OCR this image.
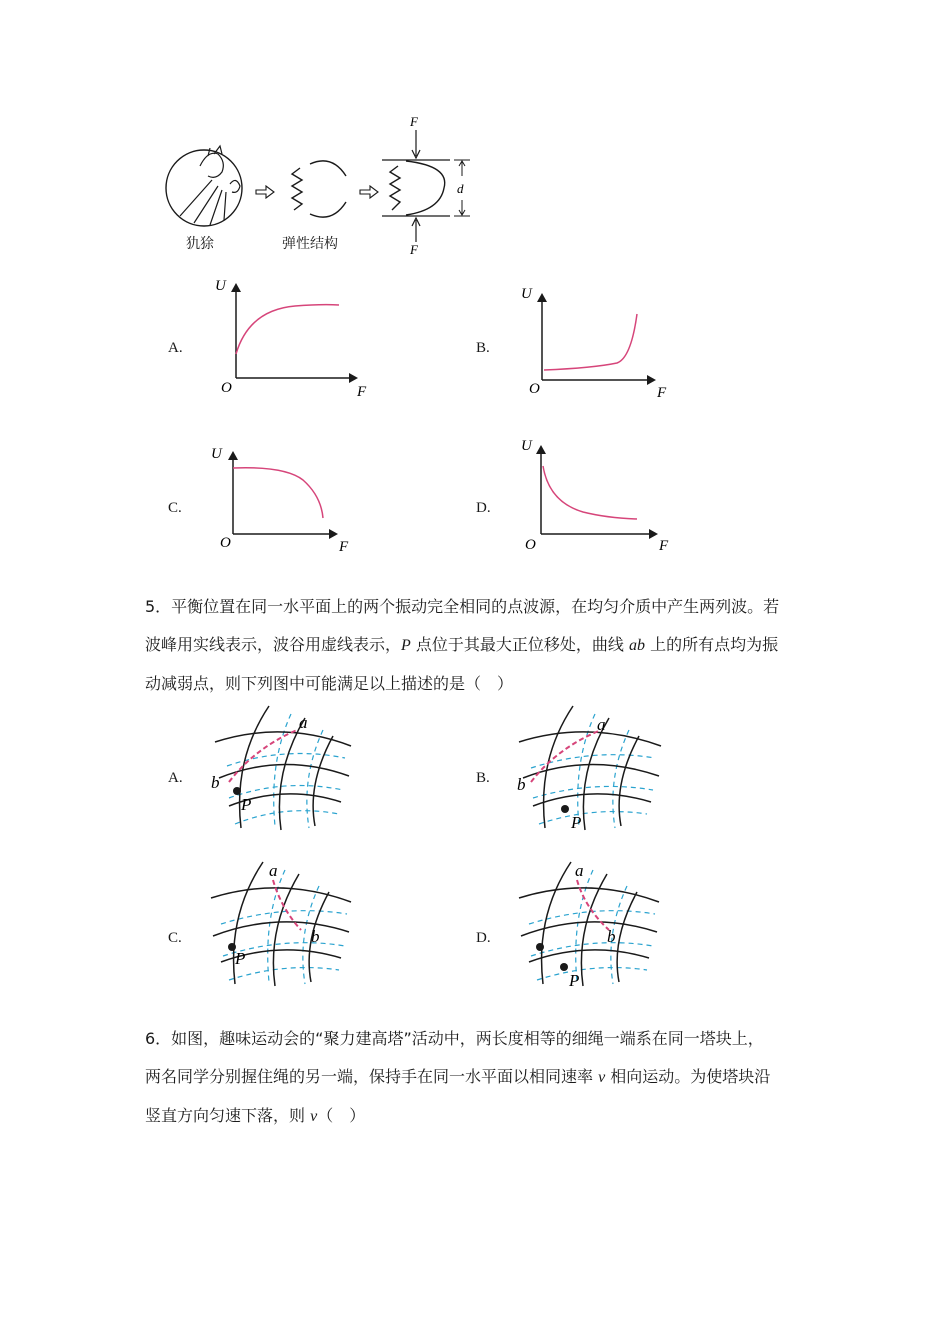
F
F
d
犰狳	弹性结构
A.
U
O	F
B.
U
O	F
C.
U
O	F
D.
U
O	F
5．平衡位置在同一水平面上的两个振动完全相同的点波源，在均匀介质中产生两列波。若
波峰用实线表示，波谷用虚线表示，P 点位于其最大正位移处，曲线 ab 上的所有点均为振
动减弱点，则下列图中可能满足以上描述的是（　）
A.
a
b
P
B.
a
b
P
C.
a
b
P
D.
a
b
P
6．如图，趣味运动会的“聚力建高塔”活动中，两长度相等的细绳一端系在同一塔块上，
两名同学分别握住绳的另一端，保持手在同一水平面以相同速率 v 相向运动。为使塔块沿
竖直方向匀速下落，则 v（　）
